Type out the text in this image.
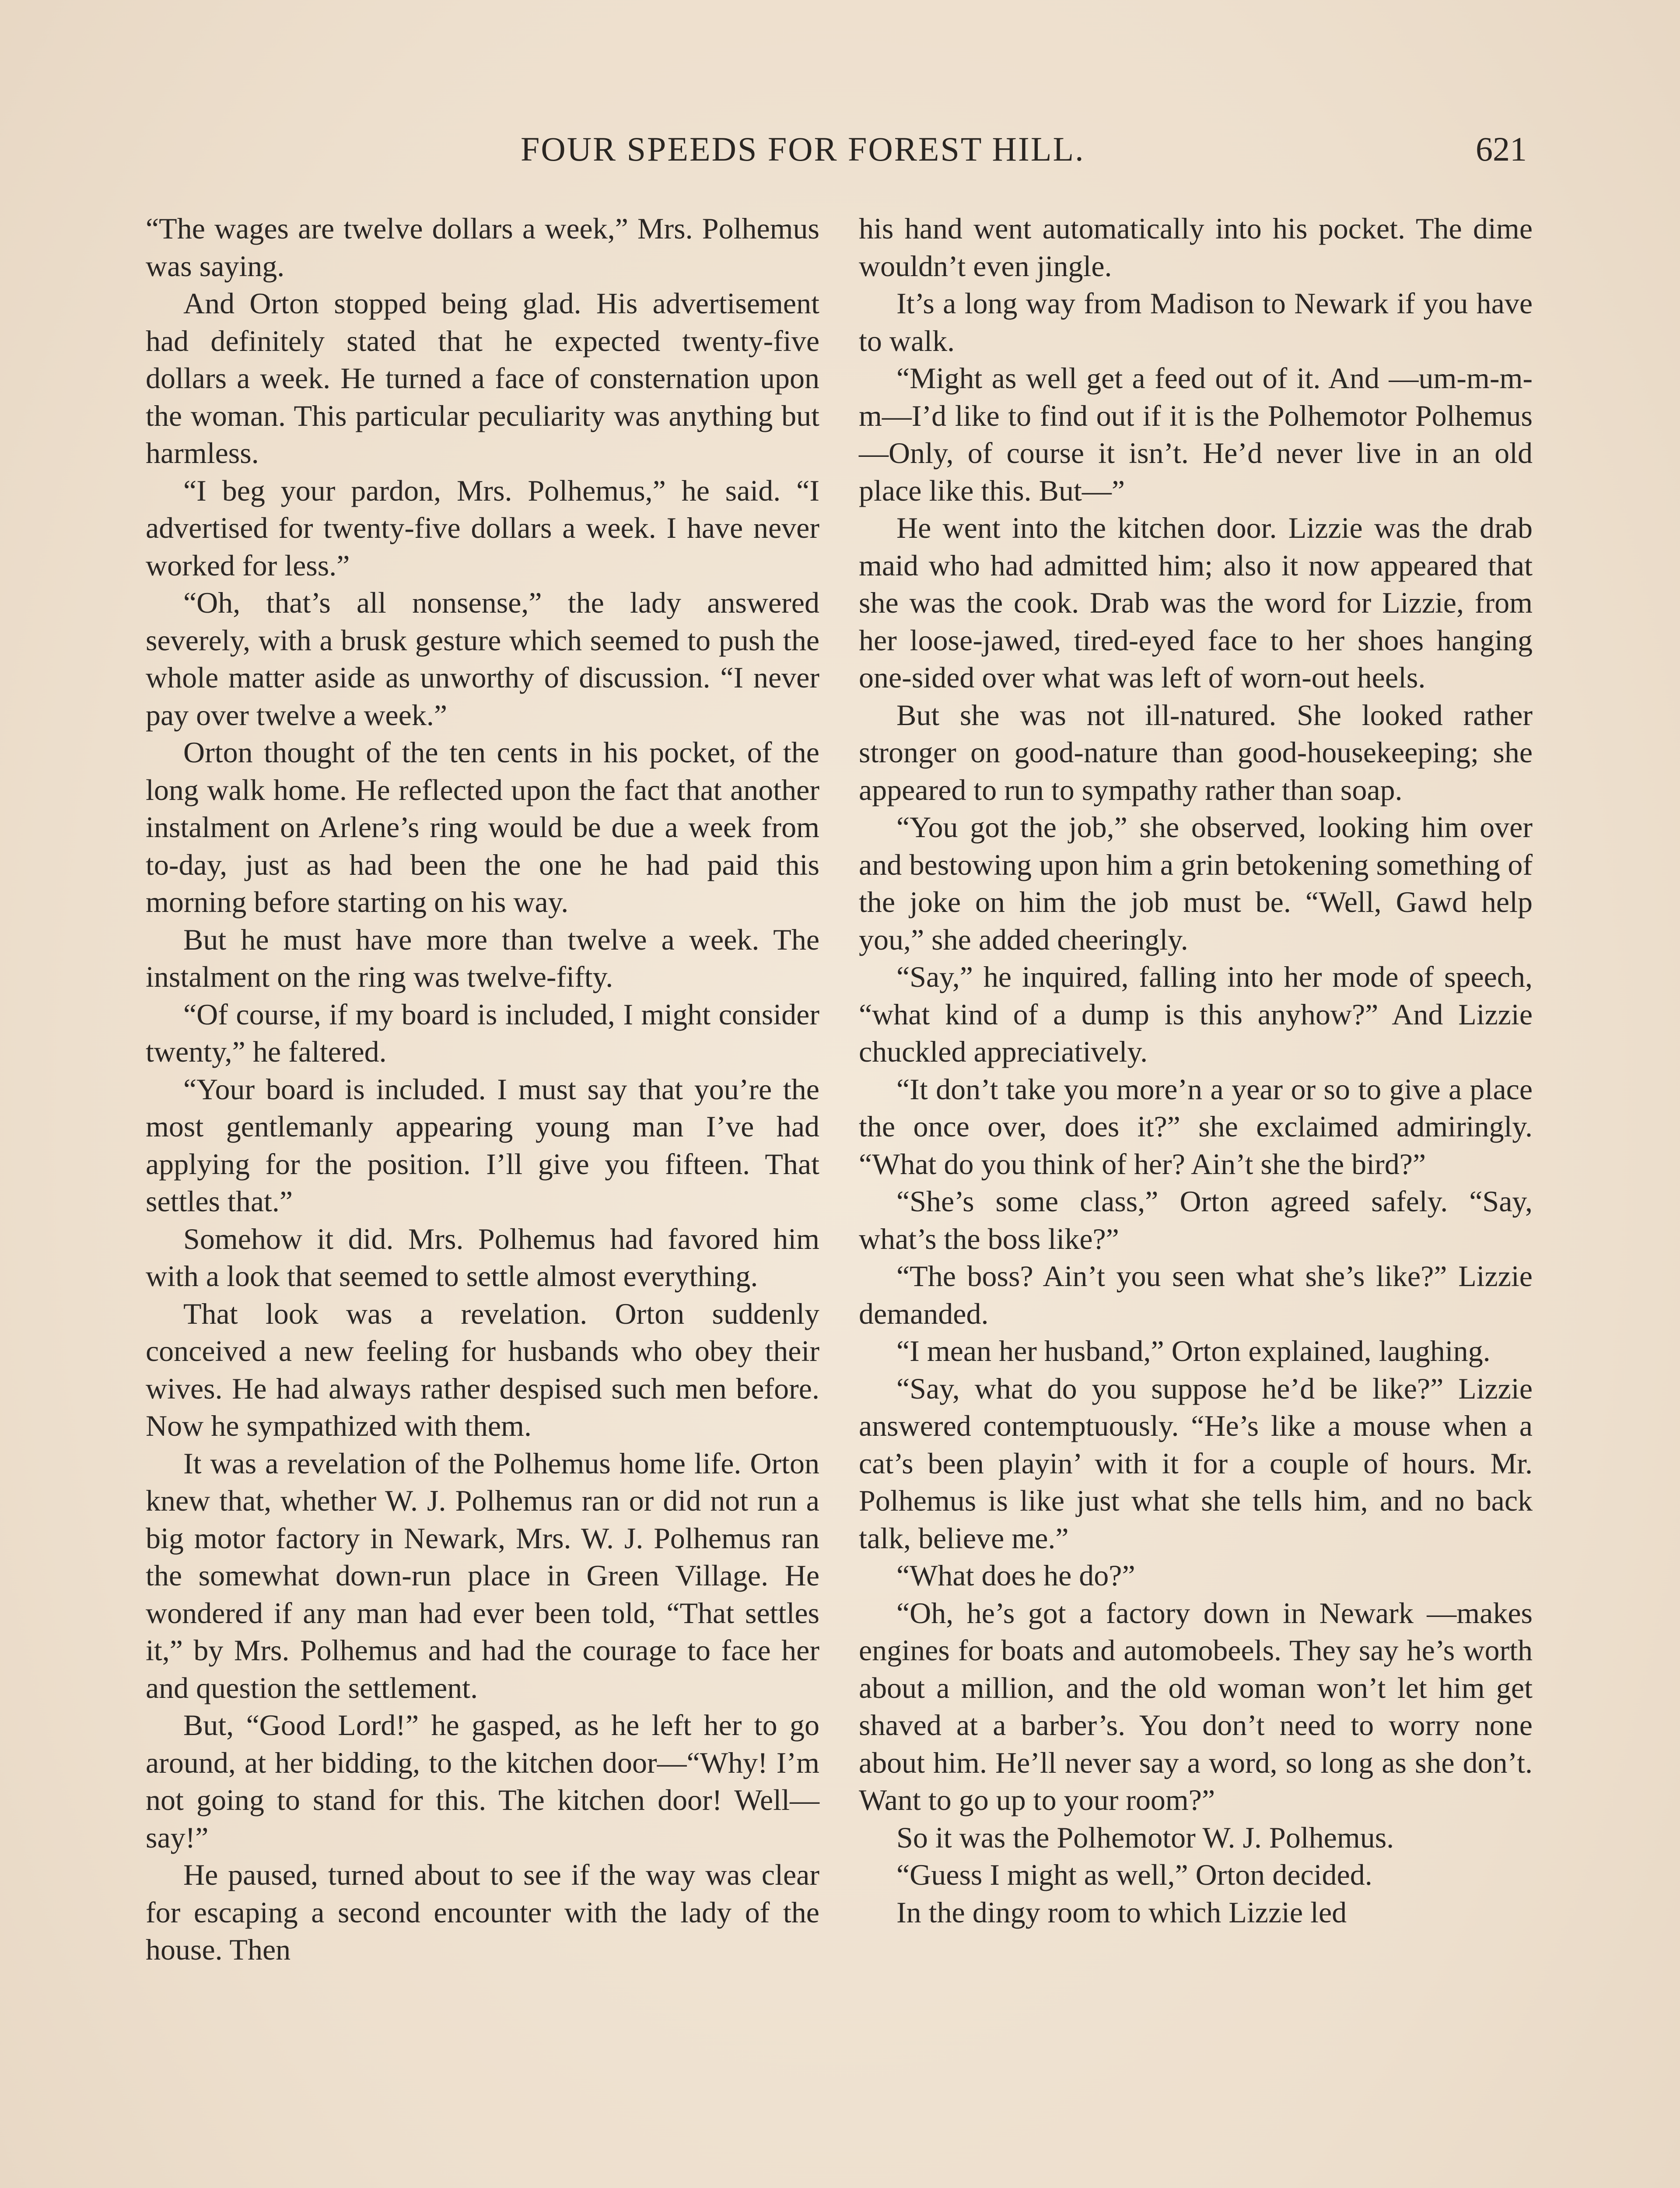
FOUR SPEEDS FOR FOREST HILL.	621

“The wages are twelve dollars a week,” Mrs. Polhemus was saying.

And Orton stopped being glad. His advertisement had definitely stated that he expected twenty-five dollars a week. He turned a face of consternation upon the woman. This particular peculiarity was anything but harmless.

“I beg your pardon, Mrs. Polhemus,” he said. “I advertised for twenty-five dollars a week. I have never worked for less.”

“Oh, that’s all nonsense,” the lady answered severely, with a brusk gesture which seemed to push the whole matter aside as unworthy of discussion. “I never pay over twelve a week.”

Orton thought of the ten cents in his pocket, of the long walk home. He reflected upon the fact that another instalment on Arlene’s ring would be due a week from to-day, just as had been the one he had paid this morning before starting on his way.

But he must have more than twelve a week. The instalment on the ring was twelve-fifty.

“Of course, if my board is included, I might consider twenty,” he faltered.

“Your board is included. I must say that you’re the most gentlemanly appearing young man I’ve had applying for the position. I’ll give you fifteen. That settles that.”

Somehow it did. Mrs. Polhemus had favored him with a look that seemed to settle almost everything.

That look was a revelation. Orton suddenly conceived a new feeling for husbands who obey their wives. He had always rather despised such men before. Now he sympathized with them.

It was a revelation of the Polhemus home life. Orton knew that, whether W. J. Polhemus ran or did not run a big motor factory in Newark, Mrs. W. J. Polhemus ran the somewhat down-run place in Green Village. He wondered if any man had ever been told, “That settles it,” by Mrs. Polhemus and had the courage to face her and question the settlement.

But, “Good Lord!” he gasped, as he left her to go around, at her bidding, to the kitchen door—“Why! I’m not going to stand for this. The kitchen door! Well—say!”

He paused, turned about to see if the way was clear for escaping a second encounter with the lady of the house. Then

his hand went automatically into his pocket. The dime wouldn’t even jingle.

It’s a long way from Madison to Newark if you have to walk.

“Might as well get a feed out of it. And —um-m-m-m—I’d like to find out if it is the Polhemotor Polhemus—Only, of course it isn’t. He’d never live in an old place like this. But—”

He went into the kitchen door. Lizzie was the drab maid who had admitted him; also it now appeared that she was the cook. Drab was the word for Lizzie, from her loose-jawed, tired-eyed face to her shoes hanging one-sided over what was left of worn-out heels.

But she was not ill-natured. She looked rather stronger on good-nature than good-housekeeping; she appeared to run to sympathy rather than soap.

“You got the job,” she observed, looking him over and bestowing upon him a grin betokening something of the joke on him the job must be. “Well, Gawd help you,” she added cheeringly.

“Say,” he inquired, falling into her mode of speech, “what kind of a dump is this anyhow?” And Lizzie chuckled appreciatively.

“It don’t take you more’n a year or so to give a place the once over, does it?” she exclaimed admiringly. “What do you think of her? Ain’t she the bird?”

“She’s some class,” Orton agreed safely. “Say, what’s the boss like?”

“The boss? Ain’t you seen what she’s like?” Lizzie demanded.

“I mean her husband,” Orton explained, laughing.

“Say, what do you suppose he’d be like?” Lizzie answered contemptuously. “He’s like a mouse when a cat’s been playin’ with it for a couple of hours. Mr. Polhemus is like just what she tells him, and no back talk, believe me.”

“What does he do?”

“Oh, he’s got a factory down in Newark —makes engines for boats and automobeels. They say he’s worth about a million, and the old woman won’t let him get shaved at a barber’s. You don’t need to worry none about him. He’ll never say a word, so long as she don’t. Want to go up to your room?”

So it was the Polhemotor W. J. Polhemus.

“Guess I might as well,” Orton decided.

In the dingy room to which Lizzie led
